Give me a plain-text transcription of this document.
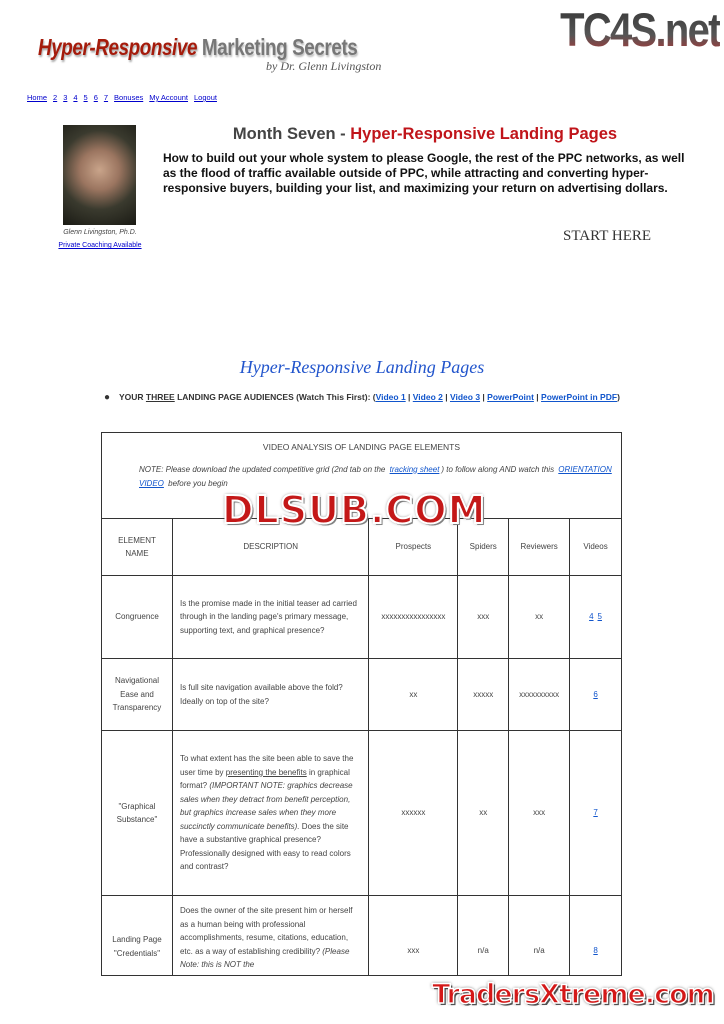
Hyper-Responsive Marketing Secrets
by Dr. Glenn Livingston
TC4S.net
Home 2 3 4 5 6 7 Bonuses My Account Logout
Glenn Livingston, Ph.D.
Private Coaching Available
Month Seven - Hyper-Responsive Landing Pages
How to build out your whole system to please Google, the rest of the PPC networks, as well as the flood of traffic available outside of PPC, while attracting and converting hyper-responsive buyers, building your list, and maximizing your return on advertising dollars.
START HERE
Hyper-Responsive Landing Pages
●	YOUR THREE LANDING PAGE AUDIENCES (Watch This First): (Video 1 | Video 2 | Video 3 | PowerPoint | PowerPoint in PDF)
VIDEO ANALYSIS OF LANDING PAGE ELEMENTS
NOTE: Please download the updated competitive grid (2nd tab on the tracking sheet ) to follow along AND watch this ORIENTATION VIDEO before you begin					

ELEMENT NAME	DESCRIPTION	Prospects	Spiders	Reviewers	Videos
Congruence	Is the promise made in the initial teaser ad carried through in the landing page's primary message, supporting text, and graphical presence?	xxxxxxxxxxxxxxxx	xxx	xx	4 5
Navigational Ease and Transparency	Is full site navigation available above the fold? Ideally on top of the site?	xx	xxxxx	xxxxxxxxxx	6
"Graphical Substance"	To what extent has the site been able to save the user time by presenting the benefits in graphical format? (IMPORTANT NOTE: graphics decrease sales when they detract from benefit perception, but graphics increase sales when they more succinctly communicate benefits). Does the site have a substantive graphical presence? Professionally designed with easy to read colors and contrast?	xxxxxx	xx	xxx	7
Landing Page "Credentials"	Does the owner of the site present him or herself as a human being with professional accomplishments, resume, citations, education, etc. as a way of establishing credibility? (Please Note: this is NOT the	xxx	n/a	n/a	8
DLSUB.COM
TradersXtreme.com
